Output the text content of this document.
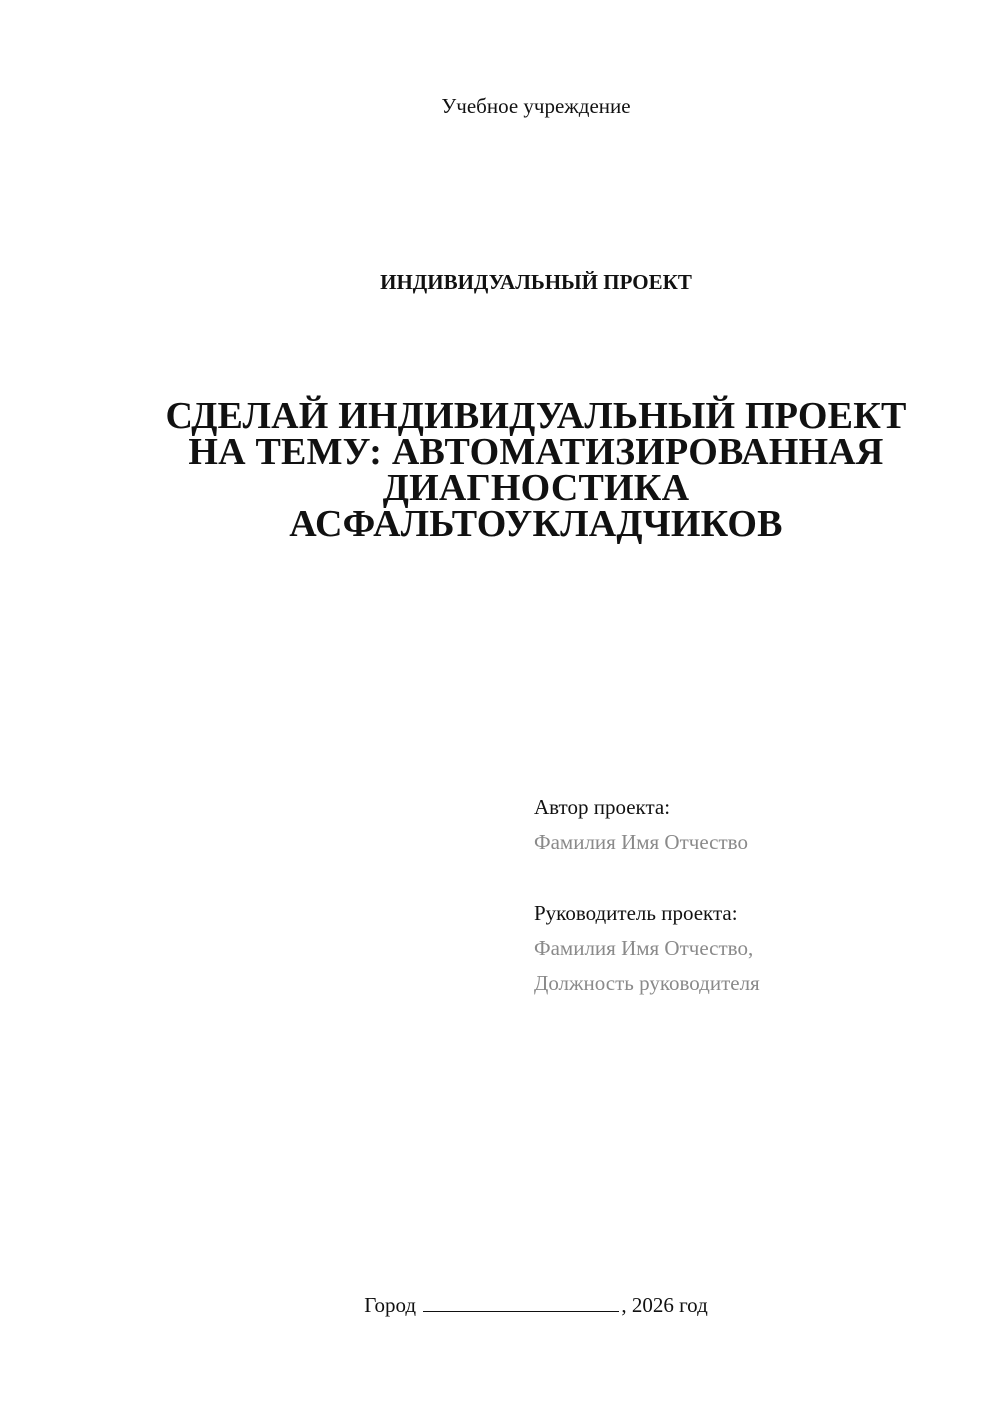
Учебное учреждение
ИНДИВИДУАЛЬНЫЙ ПРОЕКТ
СДЕЛАЙ ИНДИВИДУАЛЬНЫЙ ПРОЕКТ
НА ТЕМУ: АВТОМАТИЗИРОВАННАЯ
ДИАГНОСТИКА
АСФАЛЬТОУКЛАДЧИКОВ
Автор проекта:
Фамилия Имя Отчество
Руководитель проекта:
Фамилия Имя Отчество,
Должность руководителя
Город	, 2026 год
